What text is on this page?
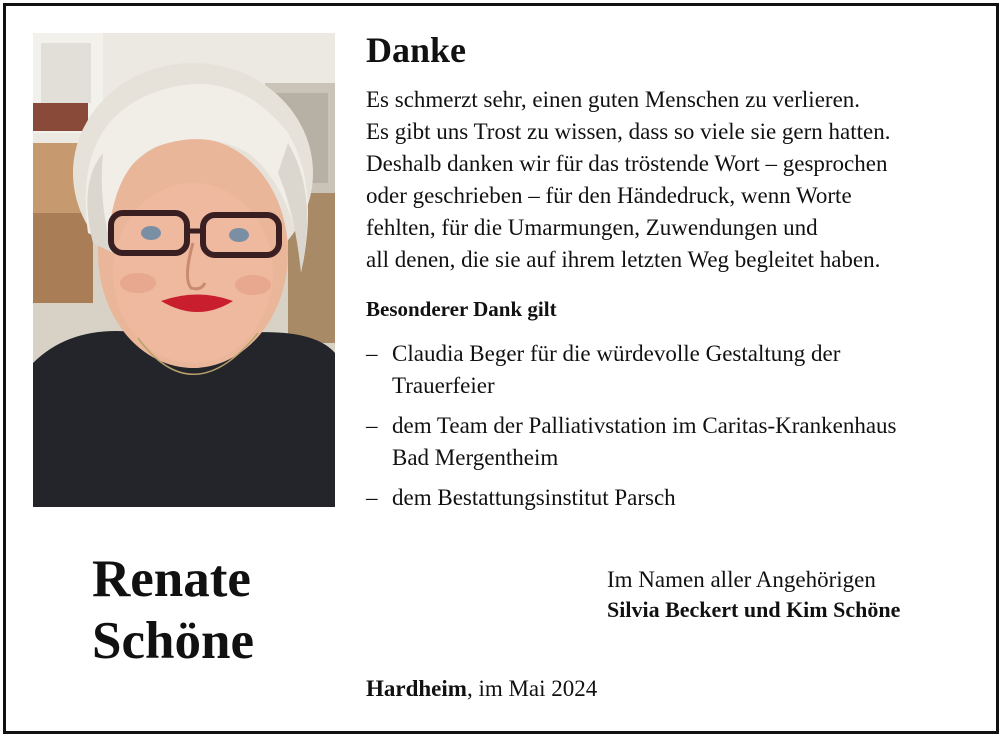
Danke

Es schmerzt sehr, einen guten Menschen zu verlieren.
Es gibt uns Trost zu wissen, dass so viele sie gern hatten.
Deshalb danken wir für das tröstende Wort – gesprochen
oder geschrieben – für den Händedruck, wenn Worte
fehlten, für die Umarmungen, Zuwendungen und
all denen, die sie auf ihrem letzten Weg begleitet haben.

Besonderer Dank gilt
– Claudia Beger für die würdevolle Gestaltung der
Trauerfeier
– dem Team der Palliativstation im Caritas-Krankenhaus
Bad Mergentheim
– dem Bestattungsinstitut Parsch
Renate
Schöne
Im Namen aller Angehörigen
Silvia Beckert und Kim Schöne
Hardheim, im Mai 2024
